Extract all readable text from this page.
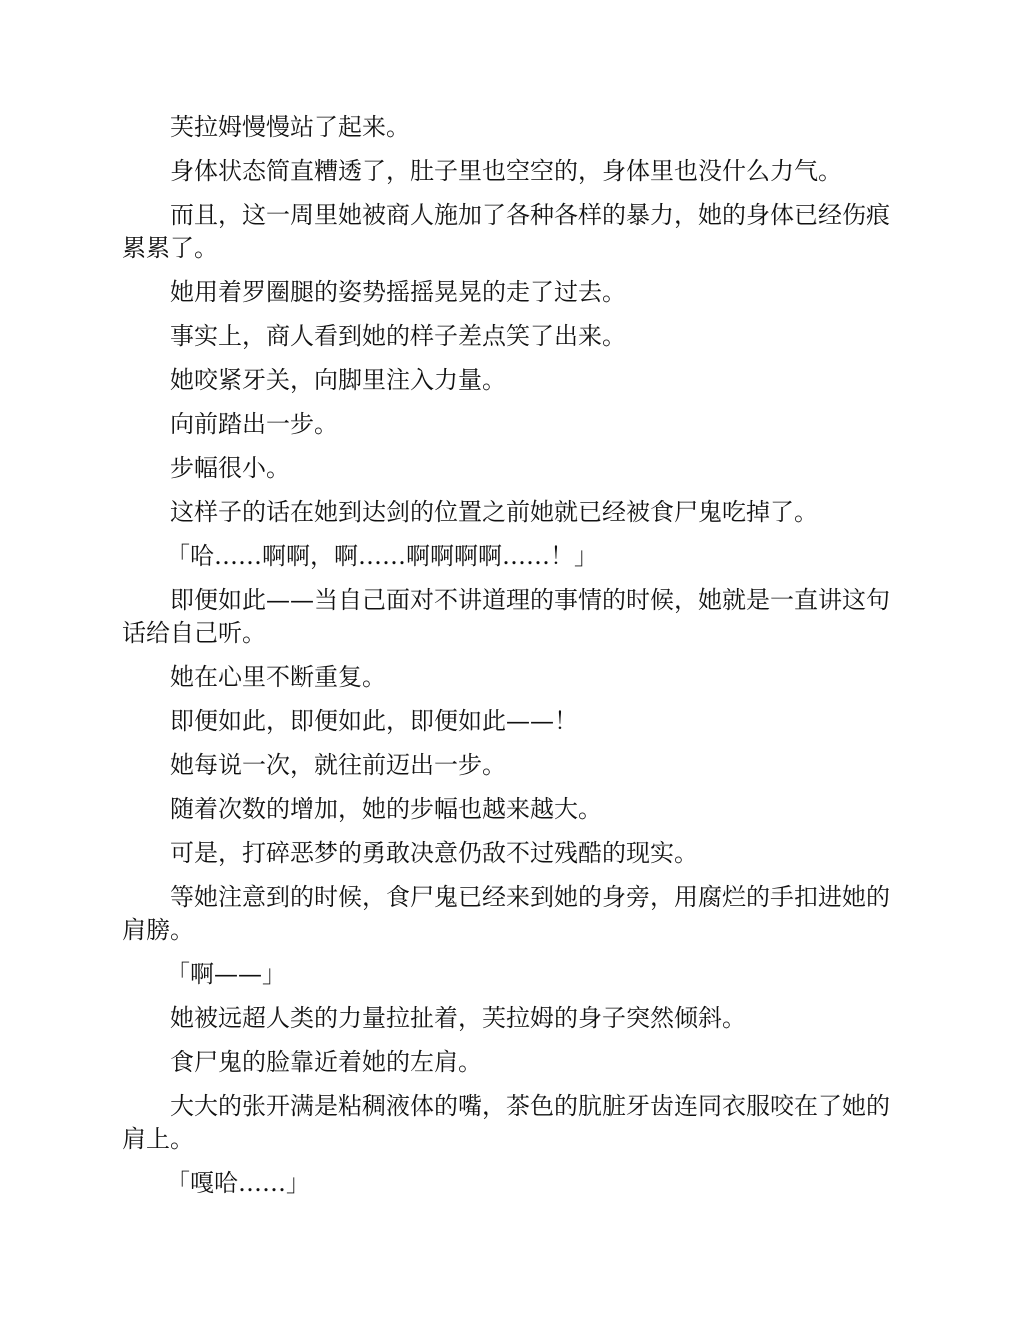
芙拉姆慢慢站了起来。

身体状态简直糟透了，肚子里也空空的，身体里也没什么力气。

而且，这一周里她被商人施加了各种各样的暴力，她的身体已经伤痕累累了。

她用着罗圈腿的姿势摇摇晃晃的走了过去。

事实上，商人看到她的样子差点笑了出来。

她咬紧牙关，向脚里注入力量。

向前踏出一步。

步幅很小。

这样子的话在她到达剑的位置之前她就已经被食尸鬼吃掉了。

「哈……啊啊，啊……啊啊啊啊……！」

即便如此——当自己面对不讲道理的事情的时候，她就是一直讲这句话给自己听。

她在心里不断重复。

即便如此，即便如此，即便如此——！

她每说一次，就往前迈出一步。

随着次数的增加，她的步幅也越来越大。

可是，打碎恶梦的勇敢决意仍敌不过残酷的现实。

等她注意到的时候，食尸鬼已经来到她的身旁，用腐烂的手扣进她的肩膀。

「啊——」

她被远超人类的力量拉扯着，芙拉姆的身子突然倾斜。

食尸鬼的脸靠近着她的左肩。

大大的张开满是粘稠液体的嘴，茶色的肮脏牙齿连同衣服咬在了她的肩上。

「嘎哈……」
